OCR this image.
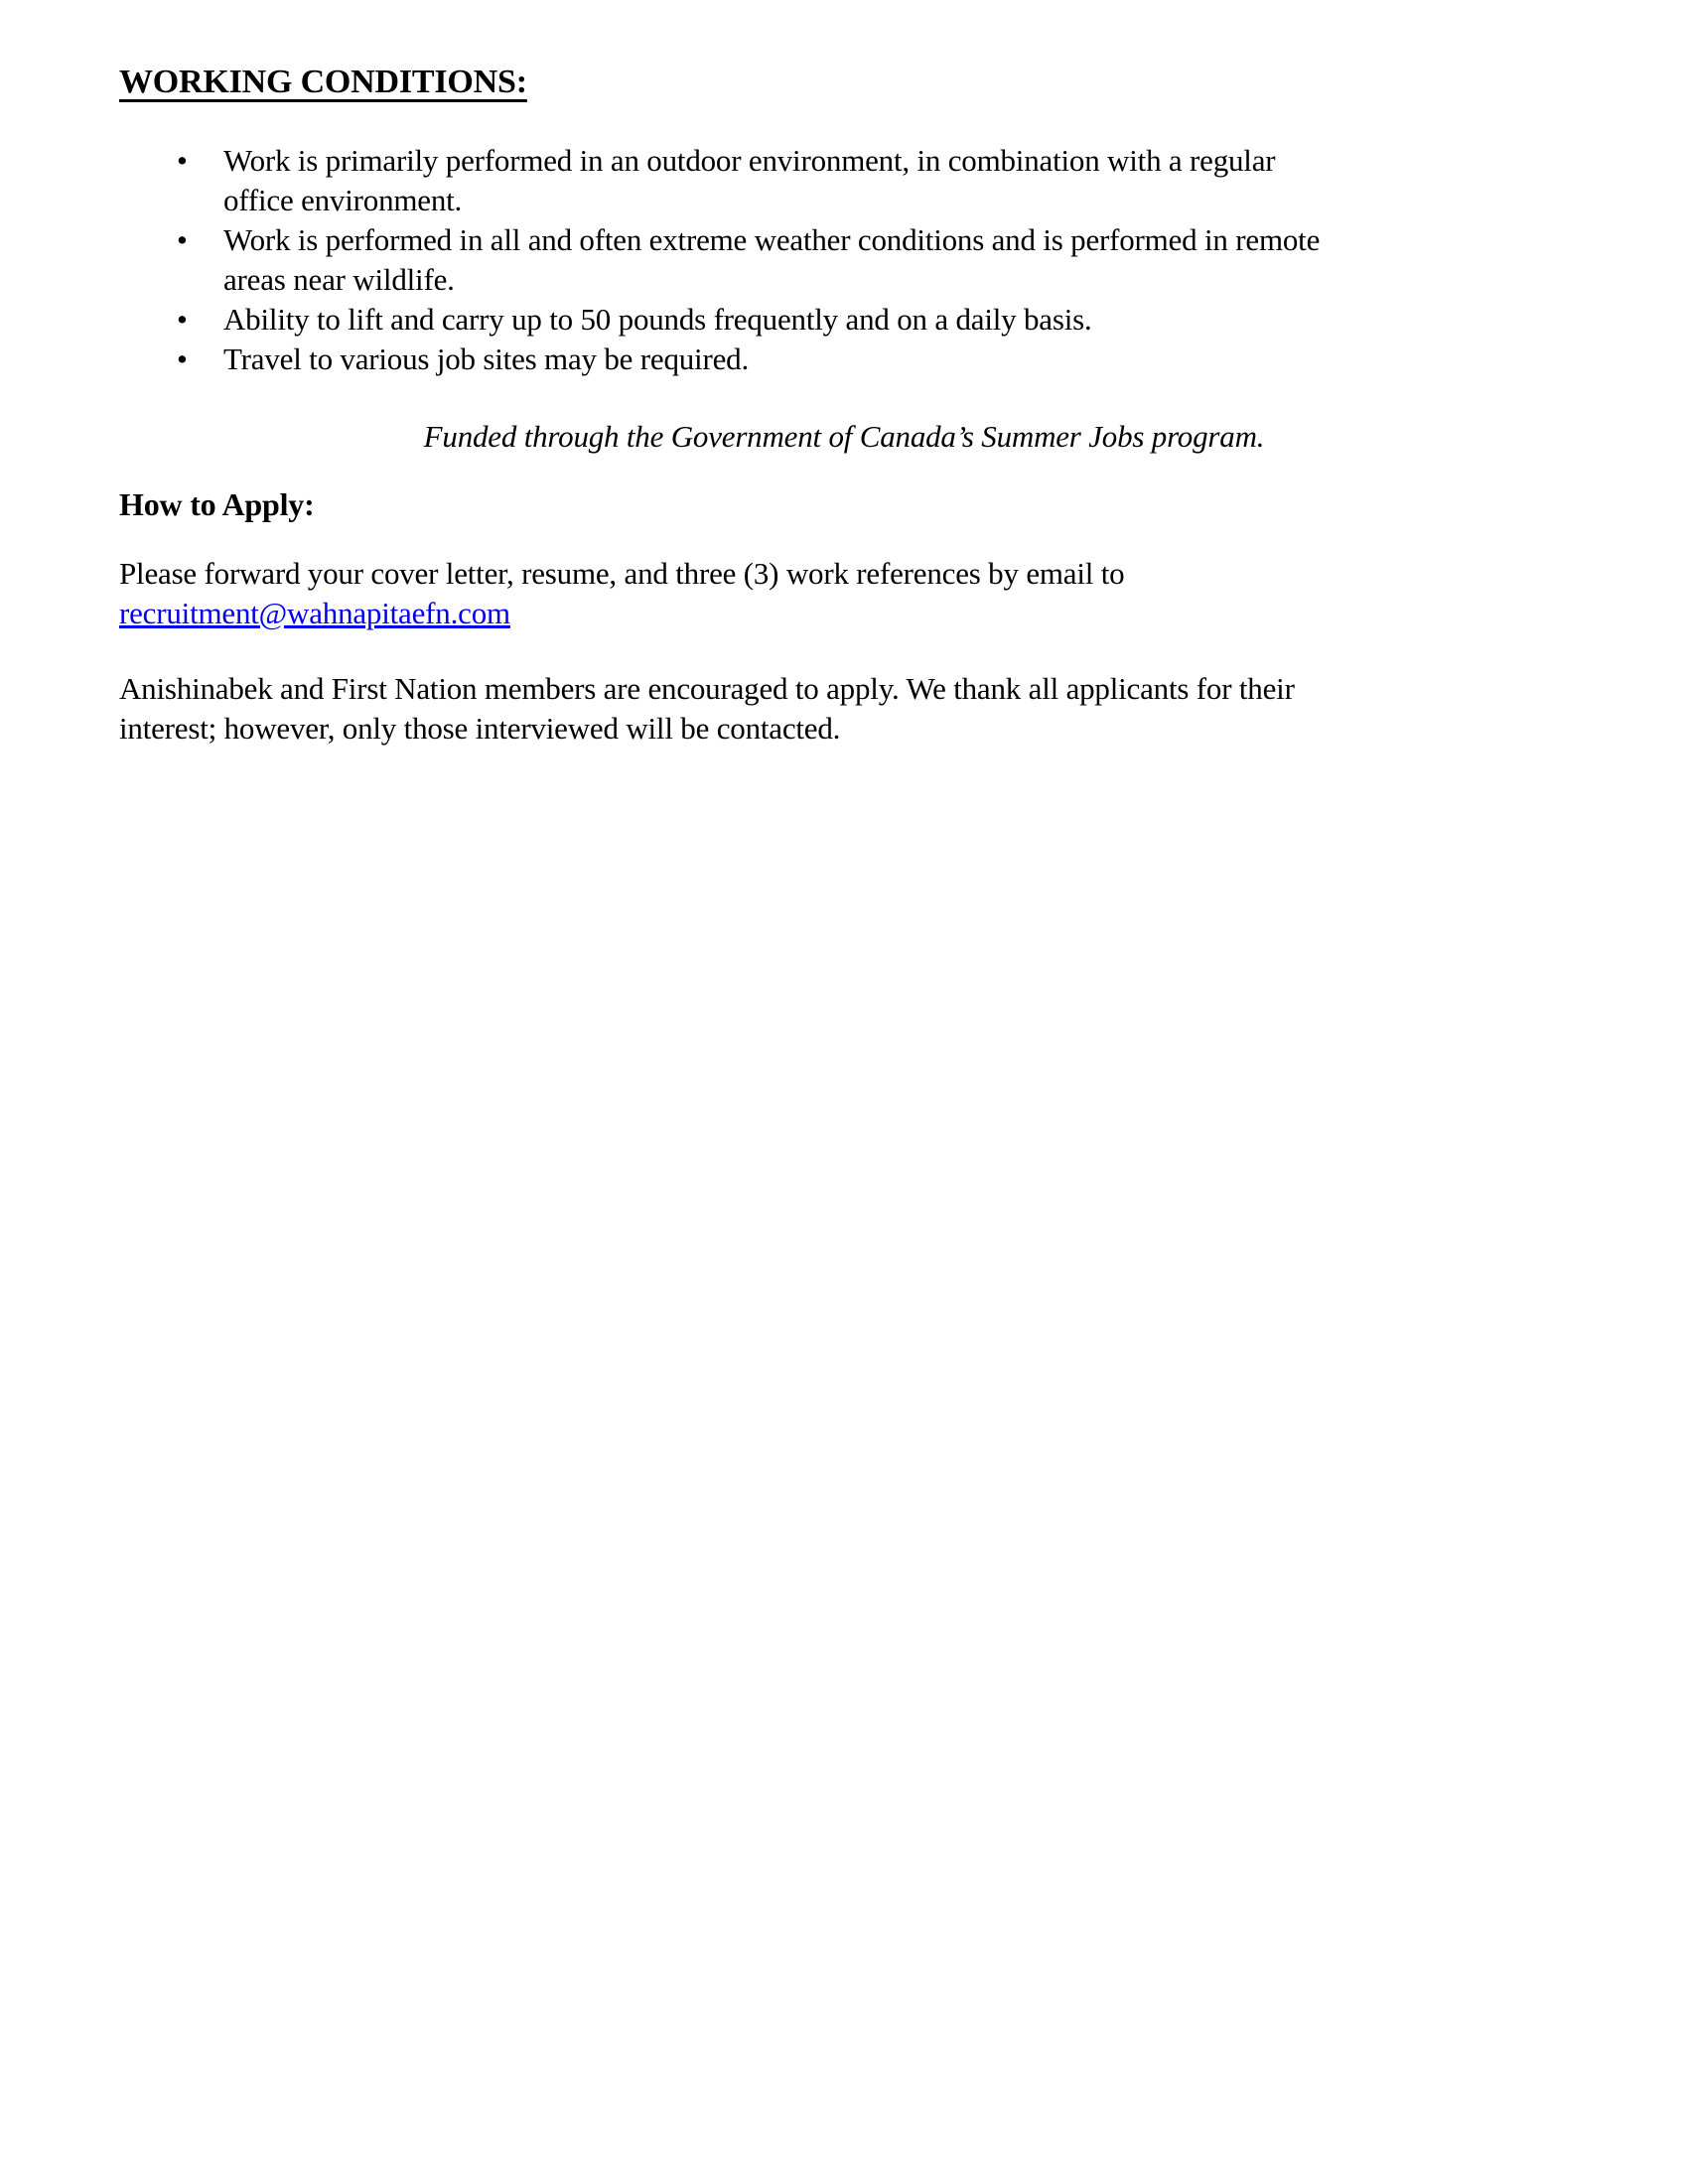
WORKING CONDITIONS:
• Work is primarily performed in an outdoor environment, in combination with a regular
office environment.
• Work is performed in all and often extreme weather conditions and is performed in remote
areas near wildlife.
• Ability to lift and carry up to 50 pounds frequently and on a daily basis.
• Travel to various job sites may be required.

Funded through the Government of Canada’s Summer Jobs program.

How to Apply:

Please forward your cover letter, resume, and three (3) work references by email to
recruitment@wahnapitaefn.com

Anishinabek and First Nation members are encouraged to apply. We thank all applicants for their
interest; however, only those interviewed will be contacted.
